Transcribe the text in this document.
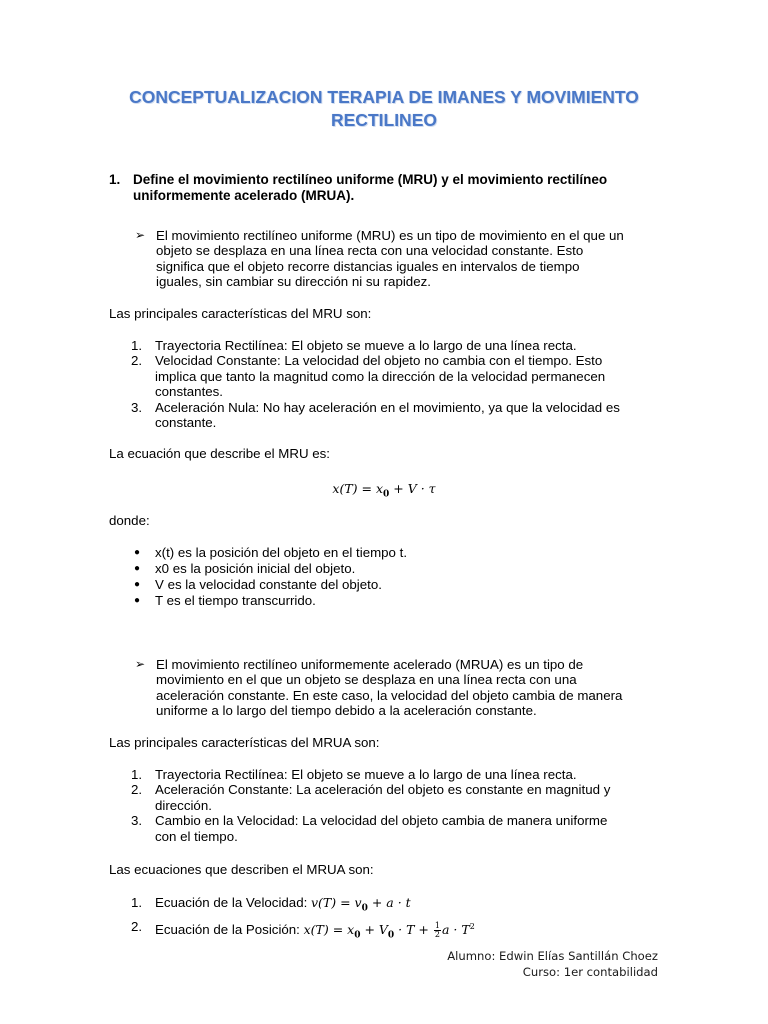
CONCEPTUALIZACION TERAPIA DE IMANES Y MOVIMIENTO
RECTILINEO
1. Define el movimiento rectilíneo uniforme (MRU) y el movimiento rectilíneo
uniformemente acelerado (MRUA).
➢ El movimiento rectilíneo uniforme (MRU) es un tipo de movimiento en el que un
objeto se desplaza en una línea recta con una velocidad constante. Esto
significa que el objeto recorre distancias iguales en intervalos de tiempo
iguales, sin cambiar su dirección ni su rapidez.
Las principales características del MRU son:
1. Trayectoria Rectilínea: El objeto se mueve a lo largo de una línea recta.
2. Velocidad Constante: La velocidad del objeto no cambia con el tiempo. Esto
implica que tanto la magnitud como la dirección de la velocidad permanecen
constantes.
3. Aceleración Nula: No hay aceleración en el movimiento, ya que la velocidad es
constante.
La ecuación que describe el MRU es:
$x(T) = x_0 + V \cdot \tau$
donde:
● x(t) es la posición del objeto en el tiempo t.
● x0 es la posición inicial del objeto.
● V es la velocidad constante del objeto.
● T es el tiempo transcurrido.
➢ El movimiento rectilíneo uniformemente acelerado (MRUA) es un tipo de
movimiento en el que un objeto se desplaza en una línea recta con una
aceleración constante. En este caso, la velocidad del objeto cambia de manera
uniforme a lo largo del tiempo debido a la aceleración constante.
Las principales características del MRUA son:
1. Trayectoria Rectilínea: El objeto se mueve a lo largo de una línea recta.
2. Aceleración Constante: La aceleración del objeto es constante en magnitud y
dirección.
3. Cambio en la Velocidad: La velocidad del objeto cambia de manera uniforme
con el tiempo.
Las ecuaciones que describen el MRUA son:
1. Ecuación de la Velocidad: $v(T) = v_0 + a \cdot t$
2. Ecuación de la Posición: $x(T) = x_0 + V_0 \cdot T + \frac{1}{2}$ $a \cdot T^2$
Alumno: Edwin Elías Santillán Choez
Curso: 1er contabilidad
